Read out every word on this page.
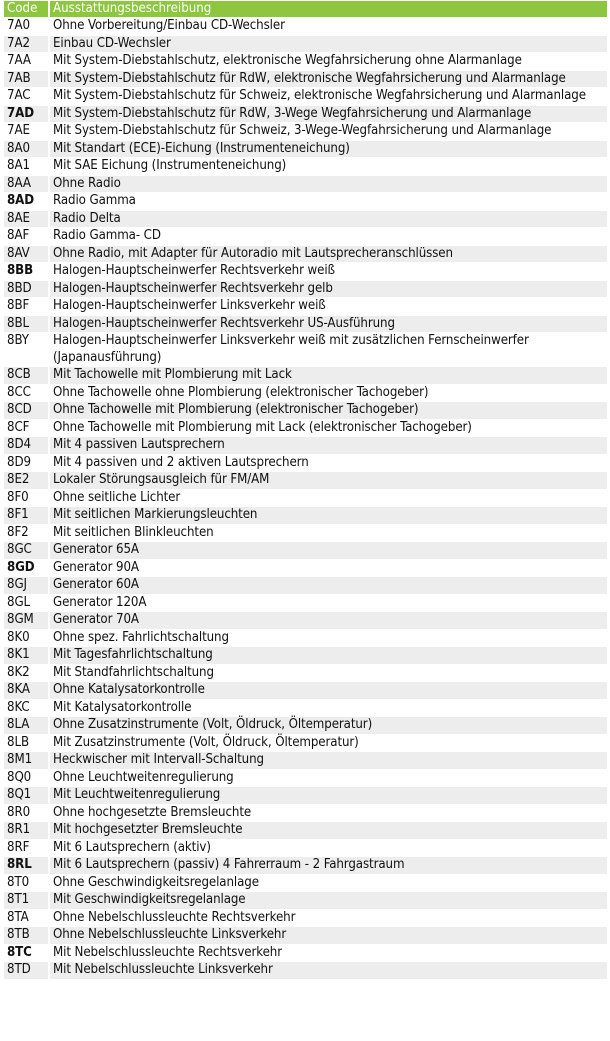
Code	Ausstattungsbeschreibung
7A0	Ohne Vorbereitung/Einbau CD-Wechsler
7A2	Einbau CD-Wechsler
7AA	Mit System-Diebstahlschutz, elektronische Wegfahrsicherung ohne Alarmanlage
7AB	Mit System-Diebstahlschutz für RdW, elektronische Wegfahrsicherung und Alarmanlage
7AC	Mit System-Diebstahlschutz für Schweiz, elektronische Wegfahrsicherung und Alarmanlage
7AD	Mit System-Diebstahlschutz für RdW, 3-Wege Wegfahrsicherung und Alarmanlage
7AE	Mit System-Diebstahlschutz für Schweiz, 3-Wege-Wegfahrsicherung und Alarmanlage
8A0	Mit Standart (ECE)-Eichung (Instrumenteneichung)
8A1	Mit SAE Eichung (Instrumenteneichung)
8AA	Ohne Radio
8AD	Radio Gamma
8AE	Radio Delta
8AF	Radio Gamma- CD
8AV	Ohne Radio, mit Adapter für Autoradio mit Lautsprecheranschlüssen
8BB	Halogen-Hauptscheinwerfer Rechtsverkehr weiß
8BD	Halogen-Hauptscheinwerfer Rechtsverkehr gelb
8BF	Halogen-Hauptscheinwerfer Linksverkehr weiß
8BL	Halogen-Hauptscheinwerfer Rechtsverkehr US-Ausführung
8BY	Halogen-Hauptscheinwerfer Linksverkehr weiß mit zusätzlichen Fernscheinwerfer (Japanausführung)
8CB	Mit Tachowelle mit Plombierung mit Lack
8CC	Ohne Tachowelle ohne Plombierung (elektronischer Tachogeber)
8CD	Ohne Tachowelle mit Plombierung (elektronischer Tachogeber)
8CF	Ohne Tachowelle mit Plombierung mit Lack (elektronischer Tachogeber)
8D4	Mit 4 passiven Lautsprechern
8D9	Mit 4 passiven und 2 aktiven Lautsprechern
8E2	Lokaler Störungsausgleich für FM/AM
8F0	Ohne seitliche Lichter
8F1	Mit seitlichen Markierungsleuchten
8F2	Mit seitlichen Blinkleuchten
8GC	Generator 65A
8GD	Generator 90A
8GJ	Generator 60A
8GL	Generator 120A
8GM	Generator 70A
8K0	Ohne spez. Fahrlichtschaltung
8K1	Mit Tagesfahrlichtschaltung
8K2	Mit Standfahrlichtschaltung
8KA	Ohne Katalysatorkontrolle
8KC	Mit Katalysatorkontrolle
8LA	Ohne Zusatzinstrumente (Volt, Öldruck, Öltemperatur)
8LB	Mit Zusatzinstrumente (Volt, Öldruck, Öltemperatur)
8M1	Heckwischer mit Intervall-Schaltung
8Q0	Ohne Leuchtweitenregulierung
8Q1	Mit Leuchtweitenregulierung
8R0	Ohne hochgesetzte Bremsleuchte
8R1	Mit hochgesetzter Bremsleuchte
8RF	Mit 6 Lautsprechern (aktiv)
8RL	Mit 6 Lautsprechern (passiv) 4 Fahrerraum - 2 Fahrgastraum
8T0	Ohne Geschwindigkeitsregelanlage
8T1	Mit Geschwindigkeitsregelanlage
8TA	Ohne Nebelschlussleuchte Rechtsverkehr
8TB	Ohne Nebelschlussleuchte Linksverkehr
8TC	Mit Nebelschlussleuchte Rechtsverkehr
8TD	Mit Nebelschlussleuchte Linksverkehr
